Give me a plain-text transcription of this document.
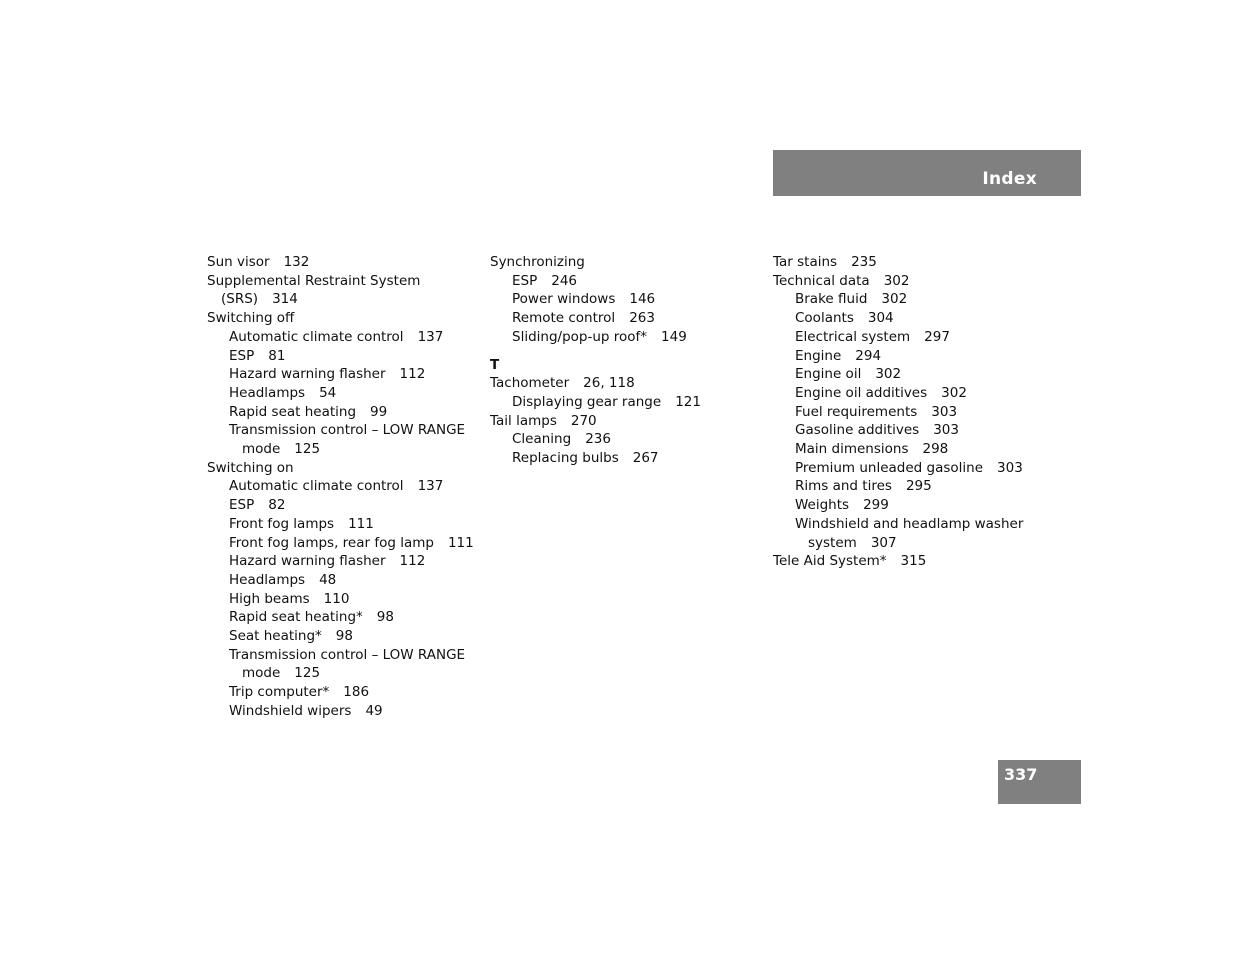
Index
Sun visor 132
Supplemental Restraint System
(SRS) 314
Switching off
Automatic climate control 137
ESP 81
Hazard warning flasher 112
Headlamps 54
Rapid seat heating 99
Transmission control – LOW RANGE
mode 125
Switching on
Automatic climate control 137
ESP 82
Front fog lamps 111
Front fog lamps, rear fog lamp 111
Hazard warning flasher 112
Headlamps 48
High beams 110
Rapid seat heating* 98
Seat heating* 98
Transmission control – LOW RANGE
mode 125
Trip computer* 186
Windshield wipers 49
Synchronizing
ESP 246
Power windows 146
Remote control 263
Sliding/pop-up roof* 149
T
Tachometer 26, 118
Displaying gear range 121
Tail lamps 270
Cleaning 236
Replacing bulbs 267
Tar stains 235
Technical data 302
Brake fluid 302
Coolants 304
Electrical system 297
Engine 294
Engine oil 302
Engine oil additives 302
Fuel requirements 303
Gasoline additives 303
Main dimensions 298
Premium unleaded gasoline 303
Rims and tires 295
Weights 299
Windshield and headlamp washer
system 307
Tele Aid System* 315
337
